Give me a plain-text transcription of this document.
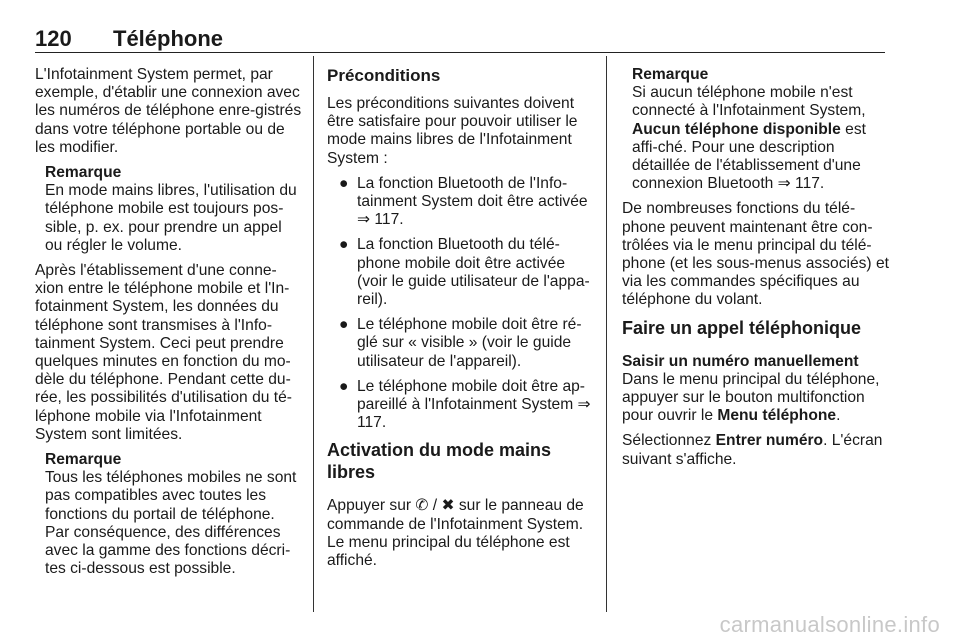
120 Téléphone

L'Infotainment System permet, par exemple, d'établir une connexion avec les numéros de téléphone enre-gistrés dans votre téléphone portable ou de les modifier.

Remarque
En mode mains libres, l'utilisation du téléphone mobile est toujours pos-sible, p. ex. pour prendre un appel ou régler le volume.

Après l'établissement d'une conne-xion entre le téléphone mobile et l'In-fotainment System, les données du téléphone sont transmises à l'Info-tainment System. Ceci peut prendre quelques minutes en fonction du mo-dèle du téléphone. Pendant cette du-rée, les possibilités d'utilisation du té-léphone mobile via l'Infotainment System sont limitées.

Remarque
Tous les téléphones mobiles ne sont pas compatibles avec toutes les fonctions du portail de téléphone. Par conséquence, des différences avec la gamme des fonctions décri-tes ci-dessous est possible.
Préconditions

Les préconditions suivantes doivent être satisfaire pour pouvoir utiliser le mode mains libres de l'Infotainment System :

● La fonction Bluetooth de l'Info-tainment System doit être activée ⇒ 117.
● La fonction Bluetooth du télé-phone mobile doit être activée (voir le guide utilisateur de l'appa-reil).
● Le téléphone mobile doit être ré-glé sur « visible » (voir le guide utilisateur de l'appareil).
● Le téléphone mobile doit être ap-pareillé à l'Infotainment System ⇒ 117.
Activation du mode mains libres

Appuyer sur ✆ / ✖ sur le panneau de commande de l'Infotainment System. Le menu principal du téléphone est affiché.

Remarque
Si aucun téléphone mobile n'est connecté à l'Infotainment System, Aucun téléphone disponible est affi-ché. Pour une description détaillée de l'établissement d'une connexion Bluetooth ⇒ 117.

De nombreuses fonctions du télé-phone peuvent maintenant être con-trôlées via le menu principal du télé-phone (et les sous-menus associés) et via les commandes spécifiques au téléphone du volant.

Faire un appel téléphonique
Saisir un numéro manuellement

Dans le menu principal du téléphone, appuyer sur le bouton multifonction pour ouvrir le Menu téléphone.

Sélectionnez Entrer numéro. L'écran suivant s'affiche.

carmanualsonline.info
